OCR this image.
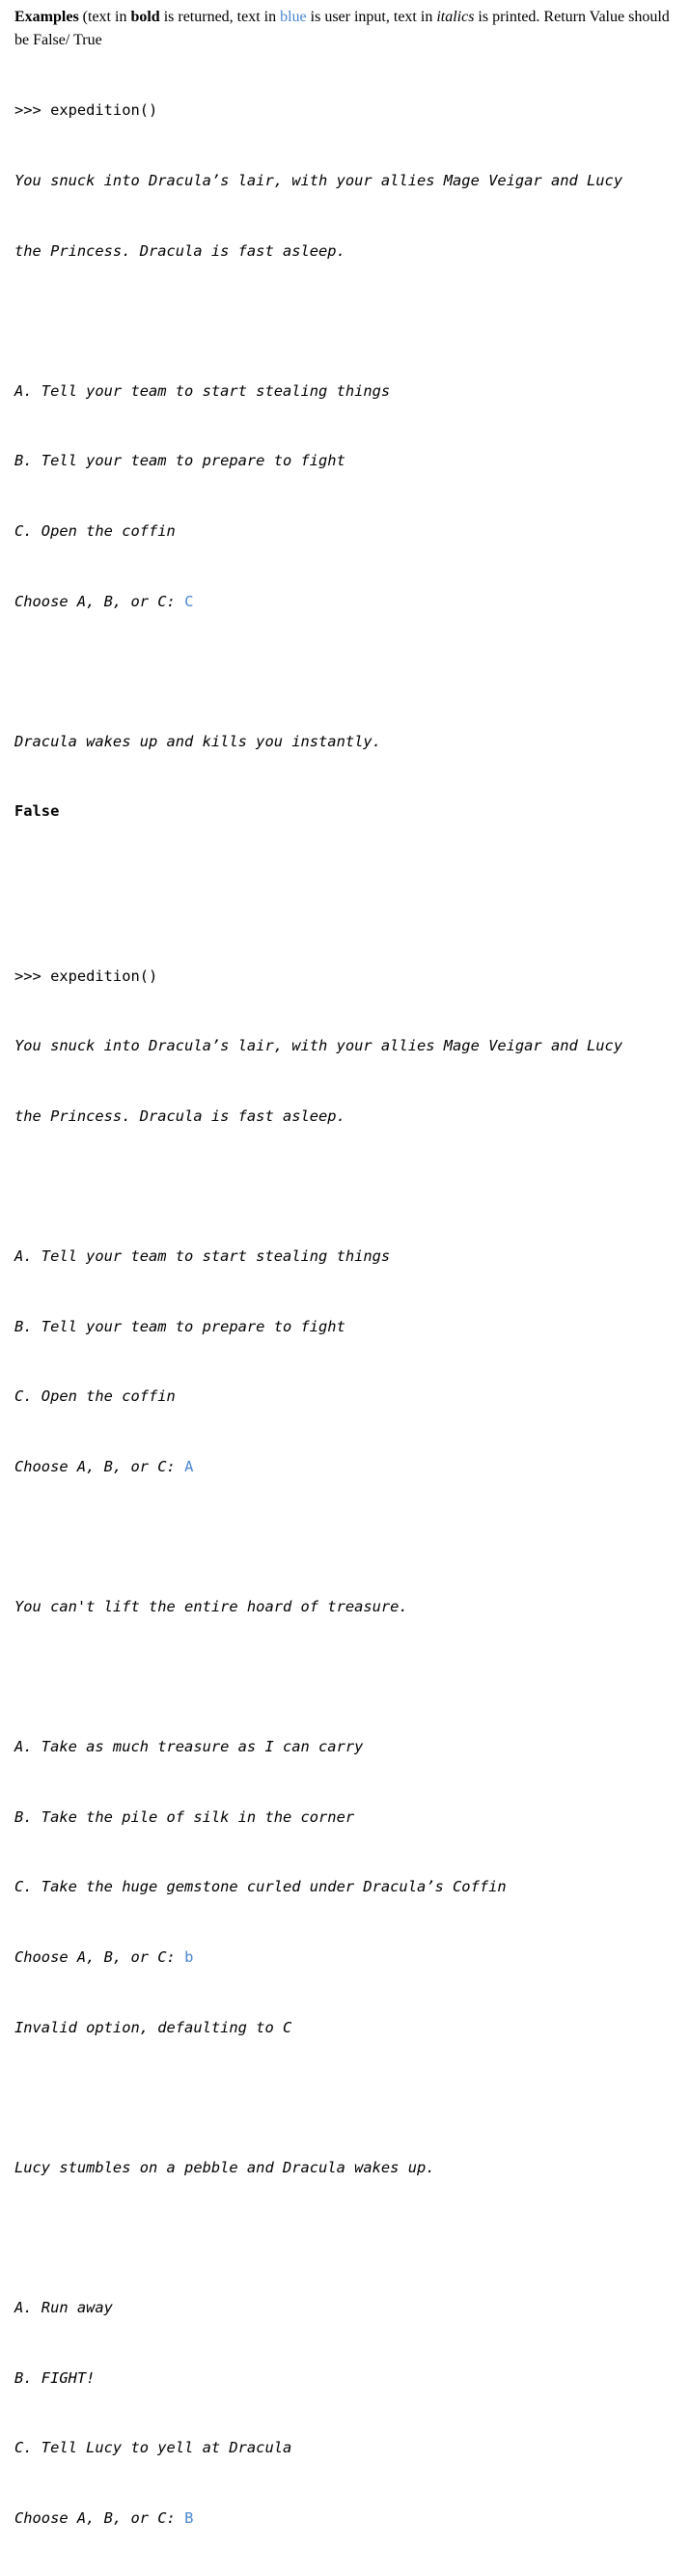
Examples (text in bold is returned, text in blue is user input, text in italics is printed. Return Value should be False/ True

>>> expedition()

You snuck into Dracula’s lair, with your allies Mage Veigar and Lucy

the Princess. Dracula is fast asleep.

A. Tell your team to start stealing things

B. Tell your team to prepare to fight

C. Open the coffin

Choose A, B, or C: C

Dracula wakes up and kills you instantly.

False

>>> expedition()

You snuck into Dracula’s lair, with your allies Mage Veigar and Lucy

the Princess. Dracula is fast asleep.

A. Tell your team to start stealing things

B. Tell your team to prepare to fight

C. Open the coffin

Choose A, B, or C: A

You can't lift the entire hoard of treasure.

A. Take as much treasure as I can carry

B. Take the pile of silk in the corner

C. Take the huge gemstone curled under Dracula’s Coffin

Choose A, B, or C: b

Invalid option, defaulting to C

Lucy stumbles on a pebble and Dracula wakes up.

A. Run away

B. FIGHT!

C. Tell Lucy to yell at Dracula

Choose A, B, or C: B
